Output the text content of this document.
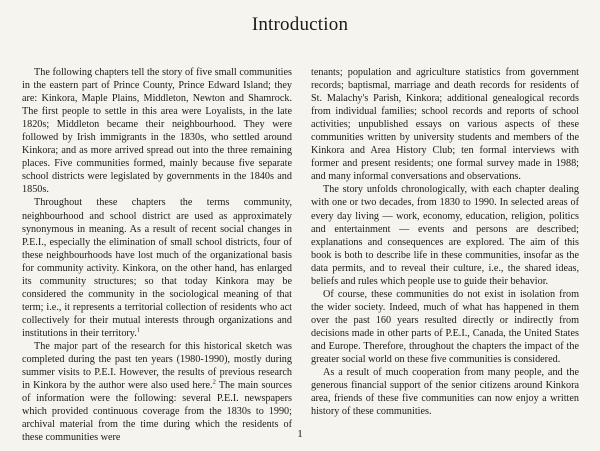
Introduction

The following chapters tell the story of five small communities in the eastern part of Prince County, Prince Edward Island; they are: Kinkora, Maple Plains, Middleton, Newton and Shamrock. The first people to settle in this area were Loyalists, in the late 1820s; Middleton became their neighbourhood. They were followed by Irish immigrants in the 1830s, who settled around Kinkora; and as more arrived spread out into the three remaining places. Five communities formed, mainly because five separate school districts were legislated by governments in the 1840s and 1850s.

Throughout these chapters the terms community, neighbourhood and school district are used as approximately synonymous in meaning. As a result of recent social changes in P.E.I., especially the elimination of small school districts, four of these neighbourhoods have lost much of the organizational basis for community activity. Kinkora, on the other hand, has enlarged its community structures; so that today Kinkora may be considered the community in the sociological meaning of that term; i.e., it represents a territorial collection of residents who act collectively for their mutual interests through organizations and institutions in their territory.$^1$

The major part of the research for this historical sketch was completed during the past ten years (1980-1990), mostly during summer visits to P.E.I. However, the results of previous research in Kinkora by the author were also used here.$^2$ The main sources of information were the following: several P.E.I. newspapers which provided continuous coverage from the 1830s to 1990; archival material from the time during which the residents of these communities were

tenants; population and agriculture statistics from government records; baptismal, marriage and death records for residents of St. Malachy's Parish, Kinkora; additional genealogical records from individual families; school records and reports of school activities; unpublished essays on various aspects of these communities written by university students and members of the Kinkora and Area History Club; ten formal interviews with former and present residents; one formal survey made in 1988; and many informal conversations and observations.

The story unfolds chronologically, with each chapter dealing with one or two decades, from 1830 to 1990. In selected areas of every day living — work, economy, education, religion, politics and entertainment — events and persons are described; explanations and consequences are explored. The aim of this book is both to describe life in these communities, insofar as the data permits, and to reveal their culture, i.e., the shared ideas, beliefs and rules which people use to guide their behavior.

Of course, these communities do not exist in isolation from the wider society. Indeed, much of what has happened in them over the past 160 years resulted directly or indirectly from decisions made in other parts of P.E.I., Canada, the United States and Europe. Therefore, throughout the chapters the impact of the greater social world on these five communities is considered.

As a result of much cooperation from many people, and the generous financial support of the senior citizens around Kinkora area, friends of these five communities can now enjoy a written history of these communities.

1
